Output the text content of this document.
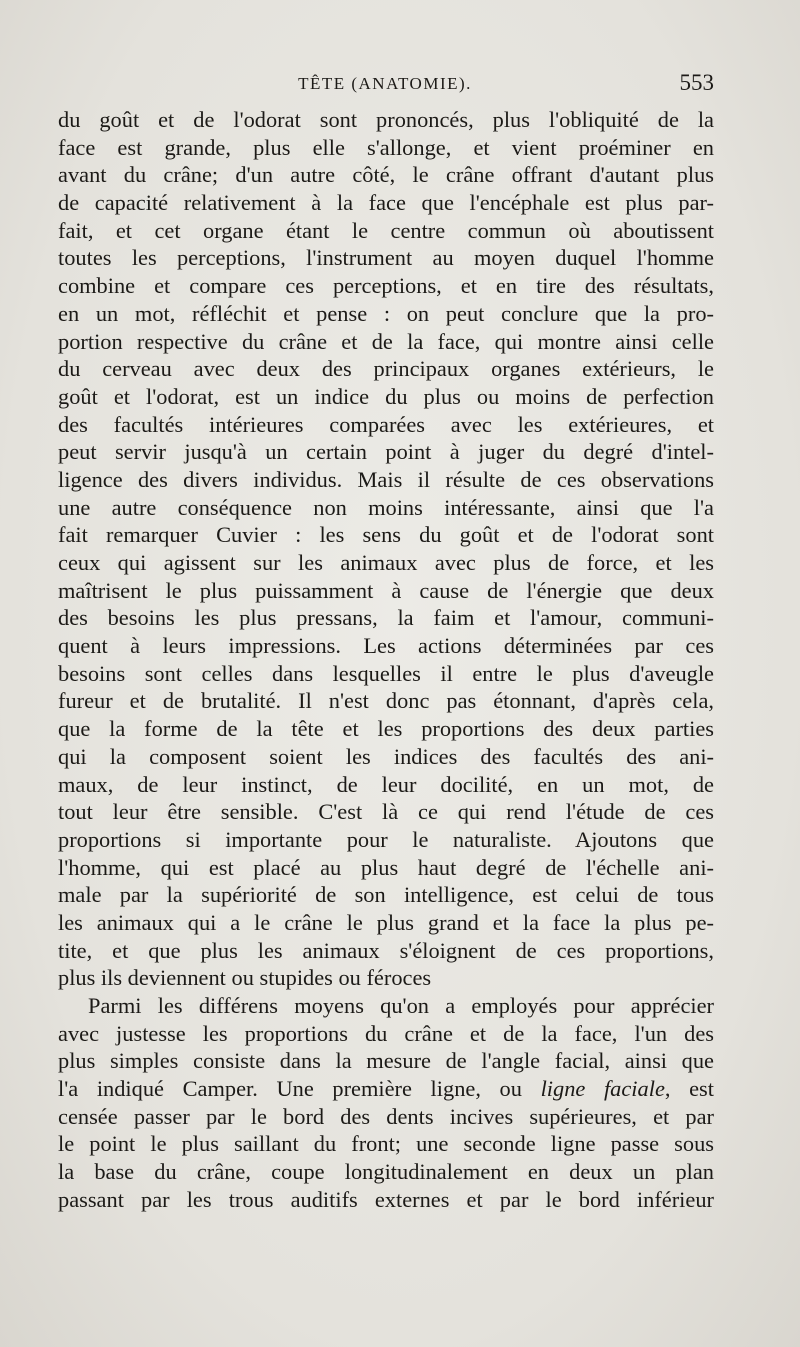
TÊTE (ANATOMIE).	553
du goût et de l'odorat sont prononcés, plus l'obliquité de la
face est grande, plus elle s'allonge, et vient proéminer en
avant du crâne; d'un autre côté, le crâne offrant d'autant plus
de capacité relativement à la face que l'encéphale est plus par-
fait, et cet organe étant le centre commun où aboutissent
toutes les perceptions, l'instrument au moyen duquel l'homme
combine et compare ces perceptions, et en tire des résultats,
en un mot, réfléchit et pense : on peut conclure que la pro-
portion respective du crâne et de la face, qui montre ainsi celle
du cerveau avec deux des principaux organes extérieurs, le
goût et l'odorat, est un indice du plus ou moins de perfection
des facultés intérieures comparées avec les extérieures, et
peut servir jusqu'à un certain point à juger du degré d'intel-
ligence des divers individus. Mais il résulte de ces observations
une autre conséquence non moins intéressante, ainsi que l'a
fait remarquer Cuvier : les sens du goût et de l'odorat sont
ceux qui agissent sur les animaux avec plus de force, et les
maîtrisent le plus puissamment à cause de l'énergie que deux
des besoins les plus pressans, la faim et l'amour, communi-
quent à leurs impressions. Les actions déterminées par ces
besoins sont celles dans lesquelles il entre le plus d'aveugle
fureur et de brutalité. Il n'est donc pas étonnant, d'après cela,
que la forme de la tête et les proportions des deux parties
qui la composent soient les indices des facultés des ani-
maux, de leur instinct, de leur docilité, en un mot, de
tout leur être sensible. C'est là ce qui rend l'étude de ces
proportions si importante pour le naturaliste. Ajoutons que
l'homme, qui est placé au plus haut degré de l'échelle ani-
male par la supériorité de son intelligence, est celui de tous
les animaux qui a le crâne le plus grand et la face la plus pe-
tite, et que plus les animaux s'éloignent de ces proportions,
plus ils deviennent ou stupides ou féroces
Parmi les différens moyens qu'on a employés pour apprécier
avec justesse les proportions du crâne et de la face, l'un des
plus simples consiste dans la mesure de l'angle facial, ainsi que
l'a indiqué Camper. Une première ligne, ou ligne faciale, est
censée passer par le bord des dents incives supérieures, et par
le point le plus saillant du front; une seconde ligne passe sous
la base du crâne, coupe longitudinalement en deux un plan
passant par les trous auditifs externes et par le bord inférieur
